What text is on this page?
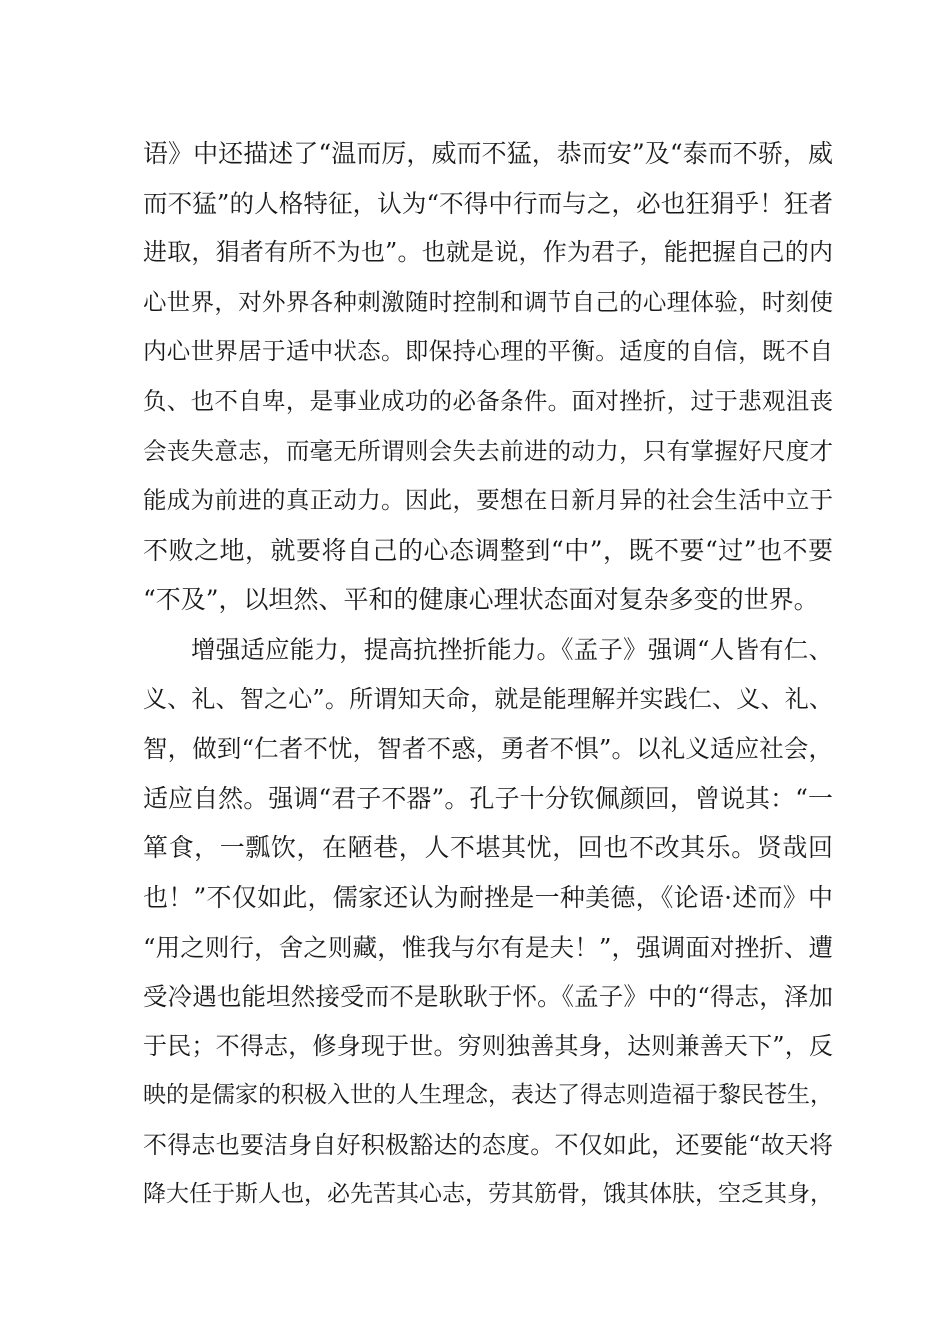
语》中还描述了“温而厉，威而不猛，恭而安”及“泰而不骄，威
而不猛”的人格特征，认为“不得中行而与之，必也狂狷乎！狂者
进取，狷者有所不为也”。也就是说，作为君子，能把握自己的内
心世界，对外界各种刺激随时控制和调节自己的心理体验，时刻使
内心世界居于适中状态。即保持心理的平衡。适度的自信，既不自
负、也不自卑，是事业成功的必备条件。面对挫折，过于悲观沮丧
会丧失意志，而毫无所谓则会失去前进的动力，只有掌握好尺度才
能成为前进的真正动力。因此，要想在日新月异的社会生活中立于
不败之地，就要将自己的心态调整到“中”，既不要“过”也不要
“不及”，以坦然、平和的健康心理状态面对复杂多变的世界。
增强适应能力，提高抗挫折能力。《孟子》强调“人皆有仁、
义、礼、智之心”。所谓知天命，就是能理解并实践仁、义、礼、
智，做到“仁者不忧，智者不惑，勇者不惧”。以礼义适应社会，
适应自然。强调“君子不器”。孔子十分钦佩颜回，曾说其：“一
箪食，一瓢饮，在陋巷，人不堪其忧，回也不改其乐。贤哉回
也！”不仅如此，儒家还认为耐挫是一种美德，《论语·述而》中
“用之则行，舍之则藏，惟我与尔有是夫！”，强调面对挫折、遭
受冷遇也能坦然接受而不是耿耿于怀。《孟子》中的“得志，泽加
于民；不得志，修身现于世。穷则独善其身，达则兼善天下”，反
映的是儒家的积极入世的人生理念，表达了得志则造福于黎民苍生，
不得志也要洁身自好积极豁达的态度。不仅如此，还要能“故天将
降大任于斯人也，必先苦其心志，劳其筋骨，饿其体肤，空乏其身，
